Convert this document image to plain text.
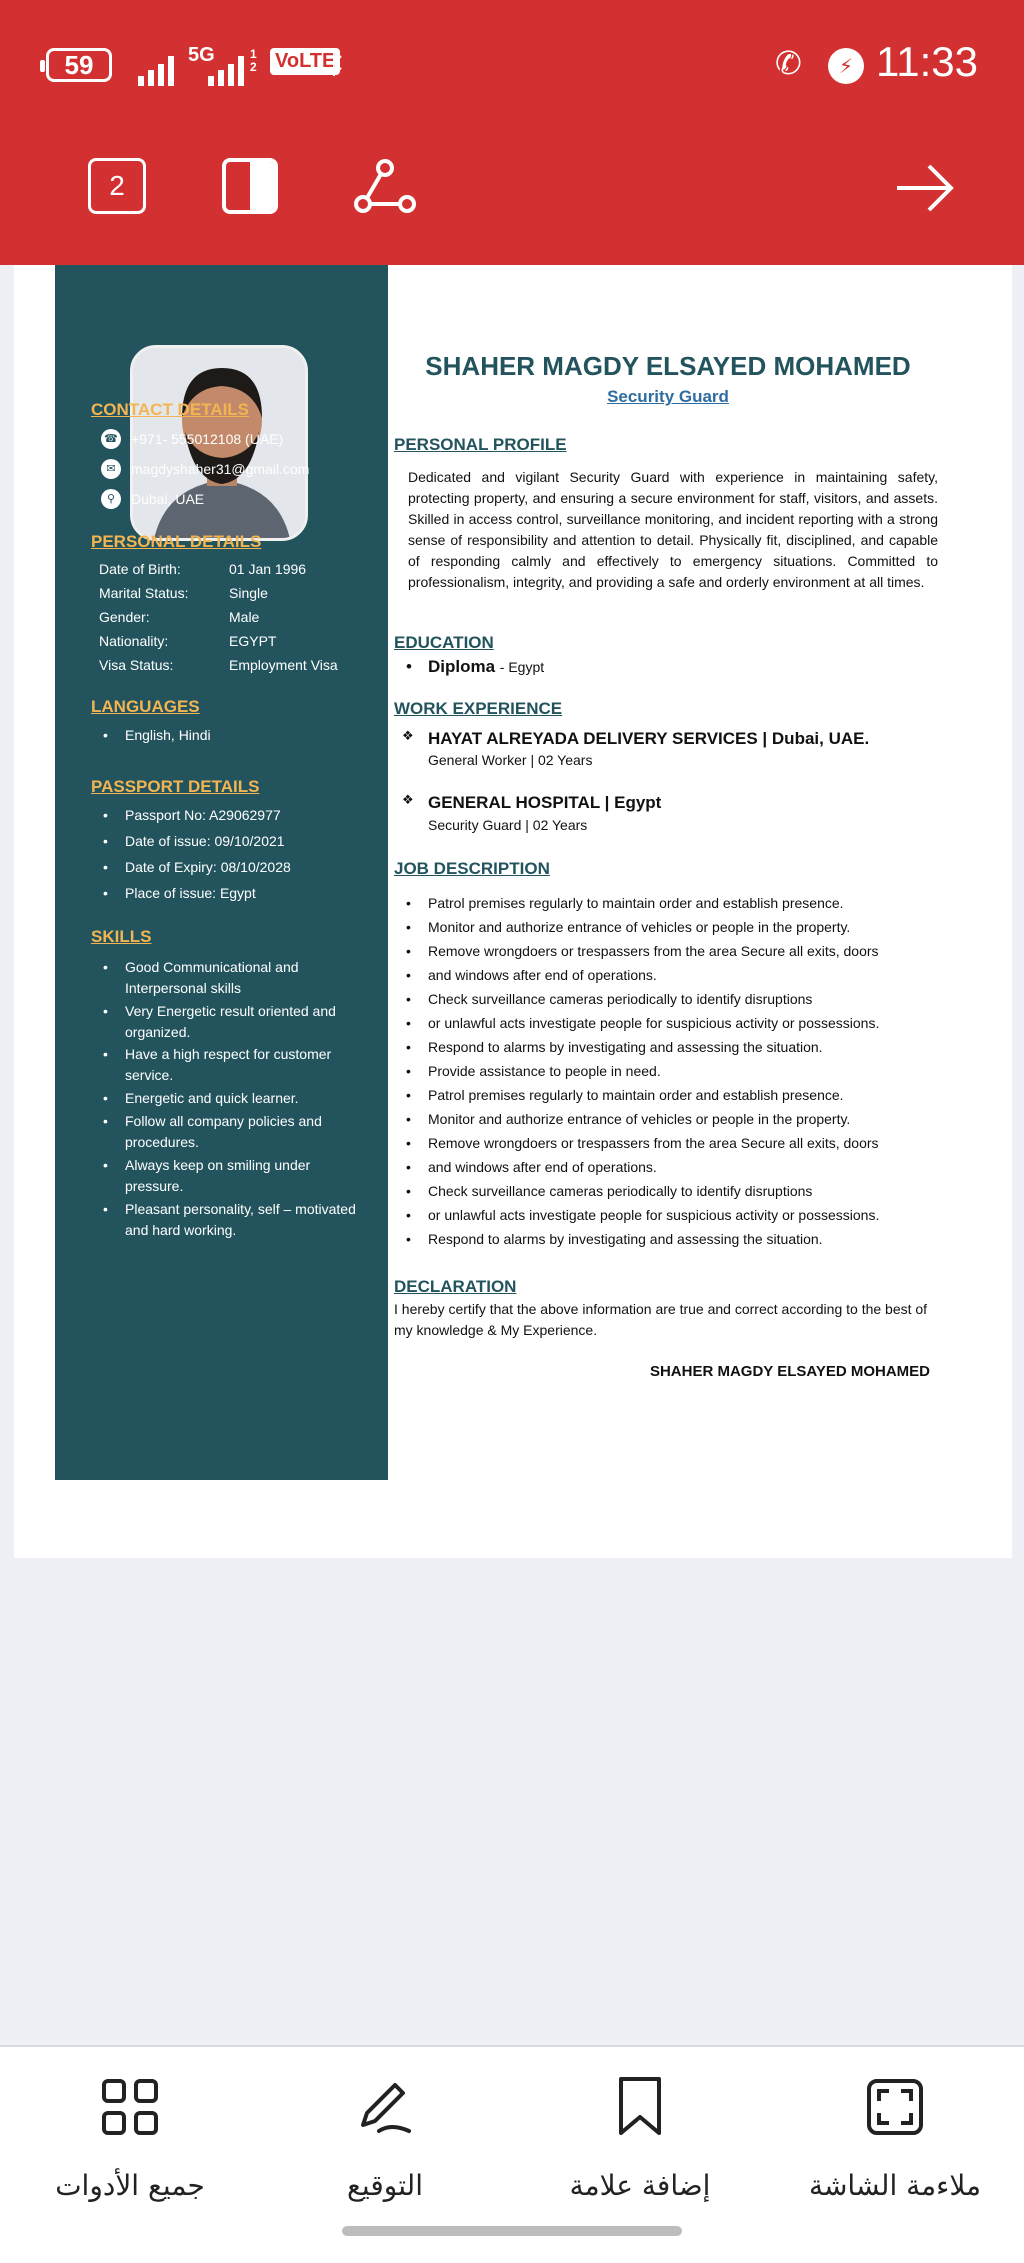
59	5G	1 2 VoLTE
ᛒ	✆	⚡ 11:33
2
CONTACT DETAILS
☎ +971- 555012108 (UAE)
✉	magdyshaher31@gmail.com
⚲	Dubai, UAE
PERSONAL DETAILS
Date of Birth:	01 Jan 1996
Marital Status:	Single
Gender:	Male
Nationality:	EGYPT
Visa Status:	Employment Visa
LANGUAGES
• English, Hindi
PASSPORT DETAILS
• Passport No: A29062977
• Date of issue: 09/10/2021
• Date of Expiry: 08/10/2028
• Place of issue: Egypt
SKILLS
• Good Communicational and Interpersonal skills
• Very Energetic result oriented and organized.
• Have a high respect for customer service.
• Energetic and quick learner.
• Follow all company policies and procedures.
• Always keep on smiling under pressure.
• Pleasant personality, self – motivated and hard working.
SHAHER MAGDY ELSAYED MOHAMED
Security Guard
PERSONAL PROFILE
Dedicated and vigilant Security Guard with experience in maintaining safety, protecting property, and ensuring a secure environment for staff, visitors, and assets. Skilled in access control, surveillance monitoring, and incident reporting with a strong sense of responsibility and attention to detail. Physically fit, disciplined, and capable of responding calmly and effectively to emergency situations. Committed to professionalism, integrity, and providing a safe and orderly environment at all times.
EDUCATION
• Diploma - Egypt
WORK EXPERIENCE
❖ HAYAT ALREYADA DELIVERY SERVICES | Dubai, UAE.
General Worker | 02 Years
❖ GENERAL HOSPITAL | Egypt
Security Guard | 02 Years
JOB DESCRIPTION
• Patrol premises regularly to maintain order and establish presence.
• Monitor and authorize entrance of vehicles or people in the property.
• Remove wrongdoers or trespassers from the area Secure all exits, doors
• and windows after end of operations.
• Check surveillance cameras periodically to identify disruptions
• or unlawful acts investigate people for suspicious activity or possessions.
• Respond to alarms by investigating and assessing the situation.
• Provide assistance to people in need.
• Patrol premises regularly to maintain order and establish presence.
• Monitor and authorize entrance of vehicles or people in the property.
• Remove wrongdoers or trespassers from the area Secure all exits, doors
• and windows after end of operations.
• Check surveillance cameras periodically to identify disruptions
• or unlawful acts investigate people for suspicious activity or possessions.
• Respond to alarms by investigating and assessing the situation.
DECLARATION
I hereby certify that the above information are true and correct according to the best of my knowledge & My Experience.
SHAHER MAGDY ELSAYED MOHAMED
جميع الأدوات	التوقيع	إضافة علامة	ملاءمة الشاشة
